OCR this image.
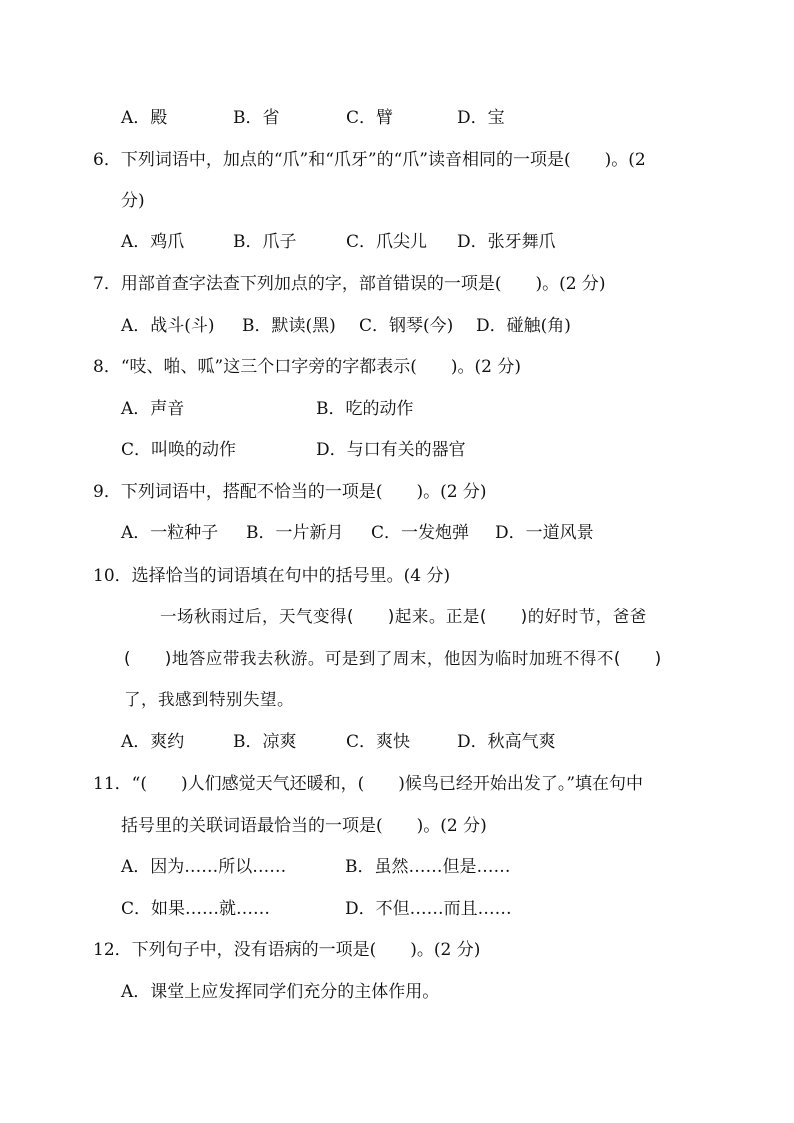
A．殿	B．省	C．臂	D．宝
6．下列词语中，加点的“爪”和“爪牙”的“爪”读音相同的一项是(　　)。(2
分)
A．鸡爪	B．爪子	C．爪尖儿 D．张牙舞爪
7．用部首查字法查下列加点的字，部首错误的一项是(　　)。(2 分)
A．战斗(斗) B．默读(黑) C．钢琴(今) D．碰触(角)
8．“吱、啪、呱”这三个口字旁的字都表示(　　)。(2 分)
A．声音	B．吃的动作
C．叫唤的动作	D．与口有关的器官
9．下列词语中，搭配不恰当的一项是(　　)。(2 分)
A．一粒种子 B．一片新月 C．一发炮弹 D．一道风景
10．选择恰当的词语填在句中的括号里。(4 分)
一场秋雨过后，天气变得(　　)起来。正是(　　)的好时节，爸爸
(　　)地答应带我去秋游。可是到了周末，他因为临时加班不得不(　　)
了，我感到特别失望。
A．爽约	B．凉爽	C．爽快	D．秋高气爽
11．“(　　)人们感觉天气还暖和，(　　)候鸟已经开始出发了。”填在句中
括号里的关联词语最恰当的一项是(　　)。(2 分)
A．因为……所以……	B．虽然……但是……
C．如果……就……	D．不但……而且……
12．下列句子中，没有语病的一项是(　　)。(2 分)
A．课堂上应发挥同学们充分的主体作用。
